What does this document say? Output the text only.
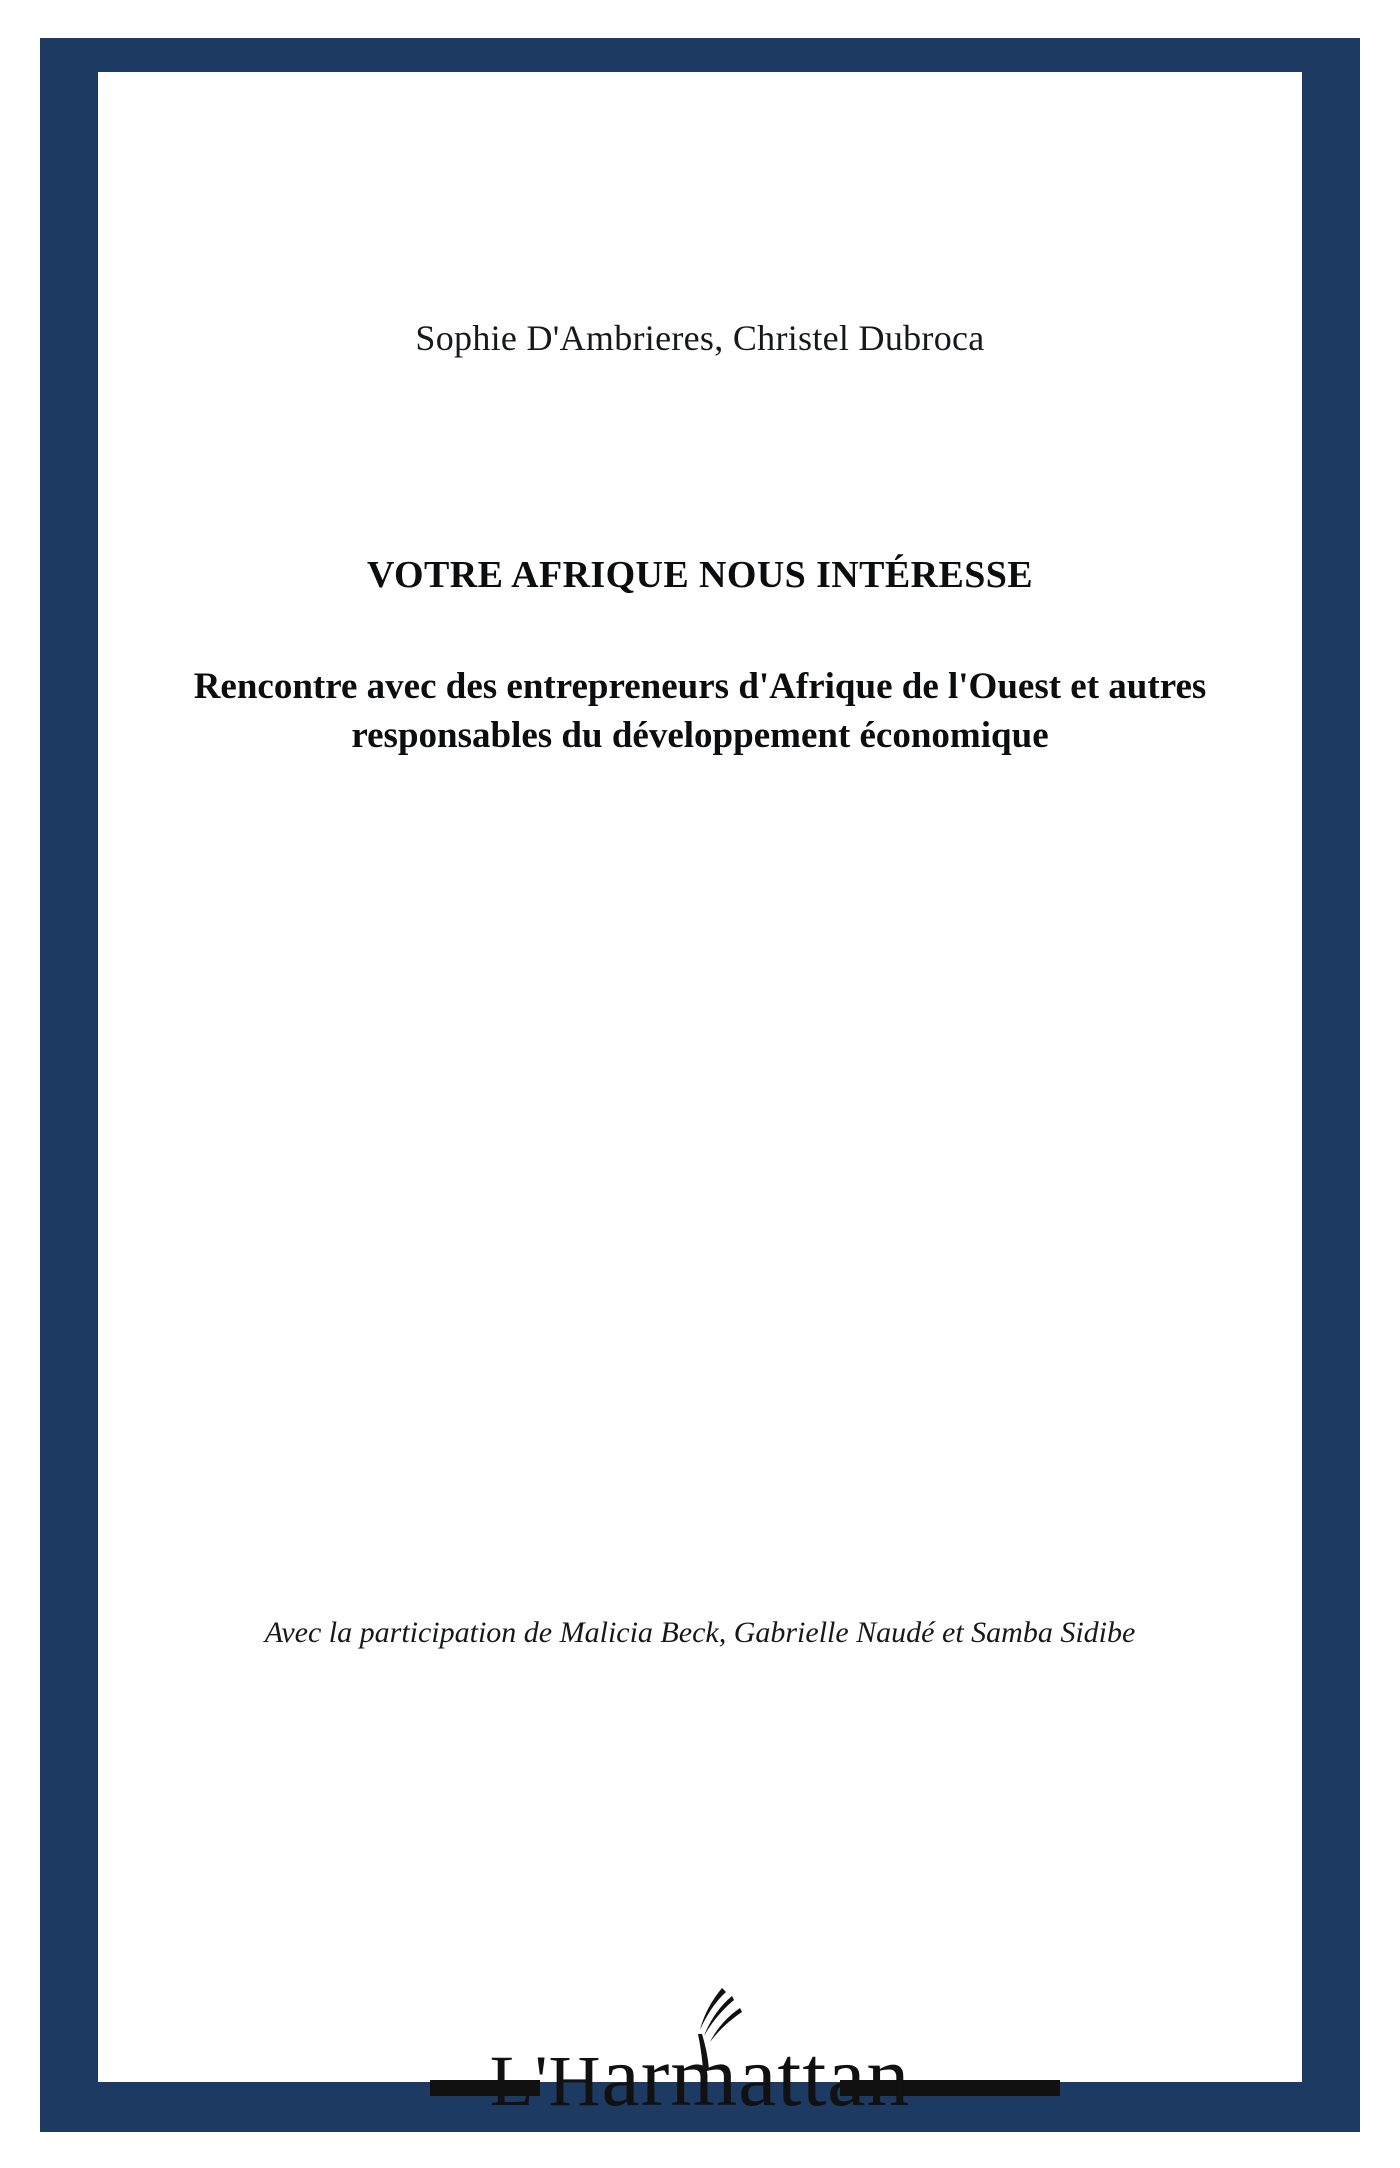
Sophie D'Ambrieres, Christel Dubroca
VOTRE AFRIQUE NOUS INTÉRESSE
Rencontre avec des entrepreneurs d'Afrique de l'Ouest et autres responsables du développement économique
Avec la participation de Malicia Beck, Gabrielle Naudé et Samba Sidibe
L'Harmattan
